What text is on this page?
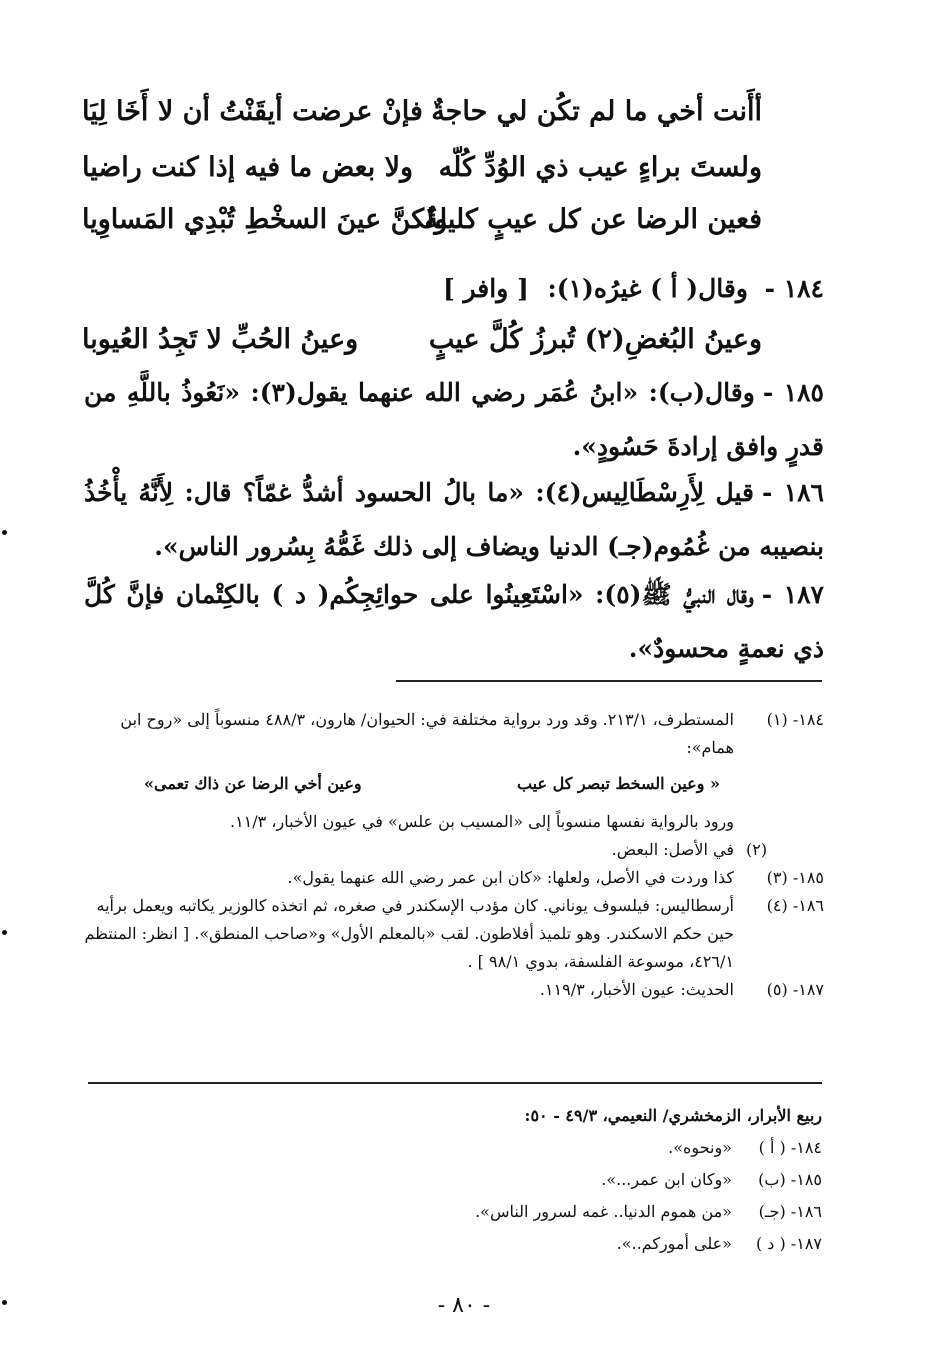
أأَنت أخي ما لم تكُن لي حاجةٌ
فإنْ عرضت أيقَنْتُ أن لا أَخَا لِيَا
ولستَ براءٍ عيب ذي الوُدِّ كُلّه
ولا بعض ما فيه إذا كنت راضيا
فعين الرضا عن كل عيبٍ كليلةٌ
ولكنَّ عينَ السخْطِ تُبْدِي المَساوِيا
١٨٤ - وقال( أ ) غيرُه(١): [ وافر ]
وعينُ البُغضِ(٢) تُبرزُ كُلَّ عيبٍ
وعينُ الحُبِّ لا تَجِدُ العُيوبا
١٨٥ -وقال(ب): «ابنُ عُمَر رضي الله عنهما يقول(٣): «نَعُوذُ باللَّهِ من قدرٍ وافق إرادةَ حَسُودٍ».
١٨٦ -قيل لِأَرِسْطَالِيس(٤): «ما بالُ الحسود أشدُّ غمّاً؟ قال: لِأَنَّهُ يأْخُذُ بنصيبه من غُمُوم(جـ) الدنيا ويضاف إلى ذلك غَمُّهُ بِسُرور الناس».
١٨٧ -وقال النبيُّ ﷺ(٥): «اسْتَعِينُوا على حوائِجِكُم( د ) بالكِتْمان فإنَّ كُلَّ ذي نعمةٍ محسودٌ».
١٨٤- (١)
المستطرف، ٢١٣/١. وقد ورد برواية مختلفة في: الحيوان/ هارون، ٤٨٨/٣ منسوباً إلى «روح ابن همام»:
« وعين السخط تبصر كل عيب
وعين أخي الرضا عن ذاك تعمى»
ورود بالرواية نفسها منسوباً إلى «المسيب بن علس» في عيون الأخبار، ١١/٣.
(٢)
في الأصل: البعض.
١٨٥- (٣)
كذا وردت في الأصل، ولعلها: «كان ابن عمر رضي الله عنهما يقول».
١٨٦- (٤)
أرسطاليس: فيلسوف يوناني. كان مؤدب الإسكندر في صغره، ثم اتخذه كالوزير يكاتبه ويعمل برأيه حين حكم الاسكندر. وهو تلميذ أفلاطون. لقب «بالمعلم الأول» و«صاحب المنطق». [ انظر: المنتظم ٤٢٦/١، موسوعة الفلسفة، بدوي ٩٨/١ ] .
١٨٧- (٥)
الحديث: عيون الأخبار، ١١٩/٣.
ربيع الأبرار، الزمخشري/ النعيمي، ٤٩/٣ - ٥٠:
١٨٤- ( أ )
«ونحوه».
١٨٥- (ب)
«وكان ابن عمر...».
١٨٦- (جـ)
«من هموم الدنيا.. غمه لسرور الناس».
١٨٧- ( د )
«على أموركم..».
- ٨٠ -
